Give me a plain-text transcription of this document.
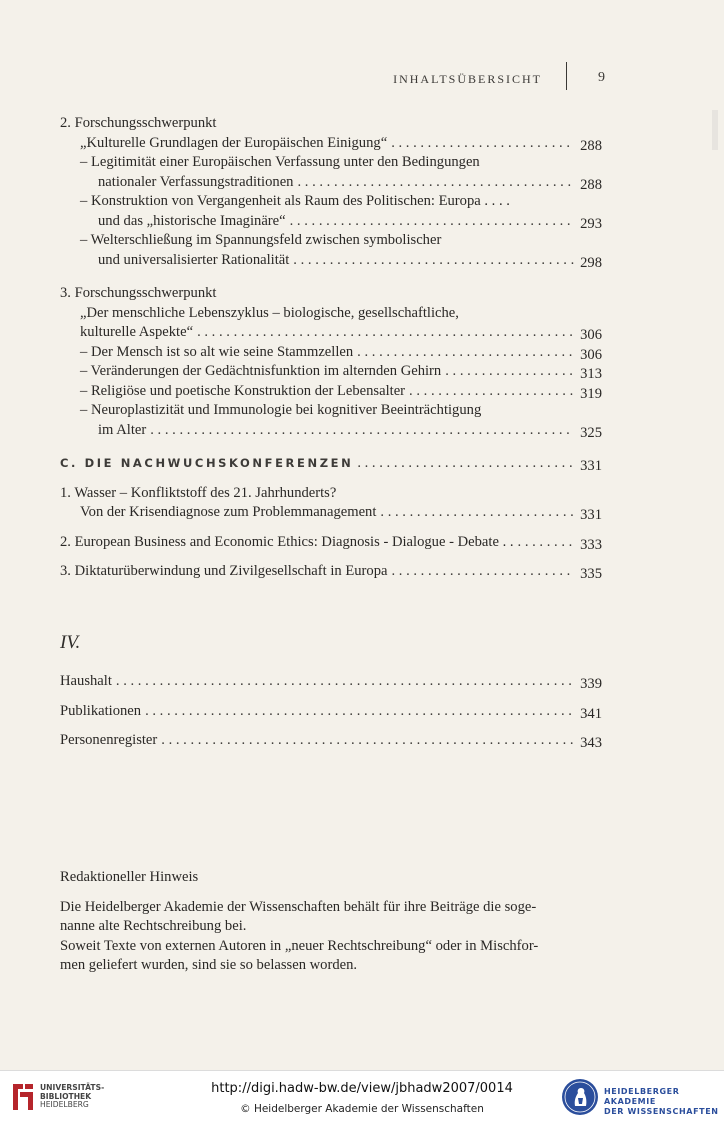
INHALTSÜBERSICHT	9
2. Forschungsschwerpunkt
„Kulturelle Grundlagen der Europäischen Einigung“ . . .	288
– Legitimität einer Europäischen Verfassung unter den Bedingungen
nationaler Verfassungstraditionen . . .	288
– Konstruktion von Vergangenheit als Raum des Politischen: Europa . . . .
und das „historische Imaginäre“ . . .	293
– Welterschließung im Spannungsfeld zwischen symbolischer
und universalisierter Rationalität . . .	298
3. Forschungsschwerpunkt
„Der menschliche Lebenszyklus – biologische, gesellschaftliche,
kulturelle Aspekte“ . . .	306
– Der Mensch ist so alt wie seine Stammzellen . . .	306
– Veränderungen der Gedächtnisfunktion im alternden Gehirn . . .	313
– Religiöse und poetische Konstruktion der Lebensalter . . .	319
– Neuroplastizität und Immunologie bei kognitiver Beeinträchtigung
im Alter . . .	325
C. DIE NACHWUCHSKONFERENZEN . . .	331
1. Wasser – Konfliktstoff des 21. Jahrhunderts?
Von der Krisendiagnose zum Problemmanagement . . .	331
2. European Business and Economic Ethics: Diagnosis - Dialogue - Debate . . . . .	333
3. Diktaturüberwindung und Zivilgesellschaft in Europa . . .	335
IV.
Haushalt . . .	339
Publikationen . . .	341
Personenregister . . .	343
Redaktioneller Hinweis

Die Heidelberger Akademie der Wissenschaften behält für ihre Beiträge die soge-
nanne alte Rechtschreibung bei.
Soweit Texte von externen Autoren in „neuer Rechtschreibung“ oder in Mischfor-
men geliefert wurden, sind sie so belassen worden.

UNIVERSITÄTS-
BIBLIOTHEK
HEIDELBERG
http://digi.hadw-bw.de/view/jbhadw2007/0014
© Heidelberger Akademie der Wissenschaften
HEIDELBERGER AKADEMIE
DER WISSENSCHAFTEN
